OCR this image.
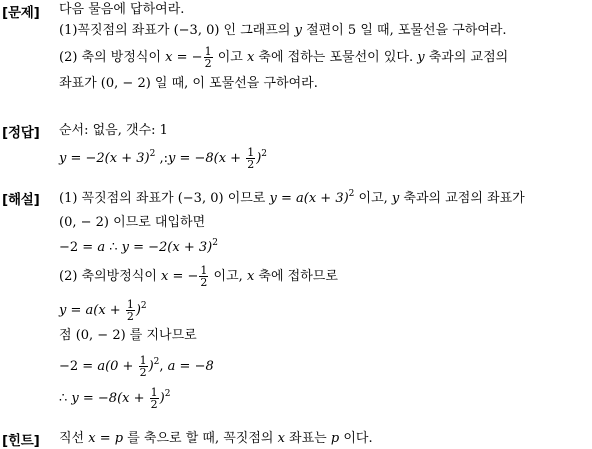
[문제] 다음 물음에 답하여라.
(1)꼭짓점의 좌표가 (−3, 0) 인 그래프의 y 절편이 5 일 때, 포물선을 구하여라.
(2) 축의 방정식이 x = − $\frac{1}{2}$ 이고 x 축에 접하는 포물선이 있다. y 축과의 교점의
좌표가 (0, − 2) 일 때, 이 포물선을 구하여라.
[정답] 순서: 없음, 갯수: 1
$y = -2(x + 3)^2$ ,:y = $-8(x + \frac{1}{2} )^2$
[해설] (1) 꼭짓점의 좌표가 (−3, 0) 이므로 $y = a(x + 3)^2$ 이고, y 축과의 교점의 좌표가
(0, − 2) 이므로 대입하면
−2 = a ∴ $y = -2(x + 3)^2$
(2) 축의방정식이 x = − $\frac{1}{2}$ 이고, x 축에 접하므로
$y = a(x + \frac{1}{2} )^2$
점 (0, − 2) 를 지나므로
$-2 = a(0 + \frac{1}{2} )^2$, a = −8
∴ $y = -8(x + \frac{1}{2} )^2$
[힌트] 직선 x = p 를 축으로 할 때, 꼭짓점의 x 좌표는 p 이다.
